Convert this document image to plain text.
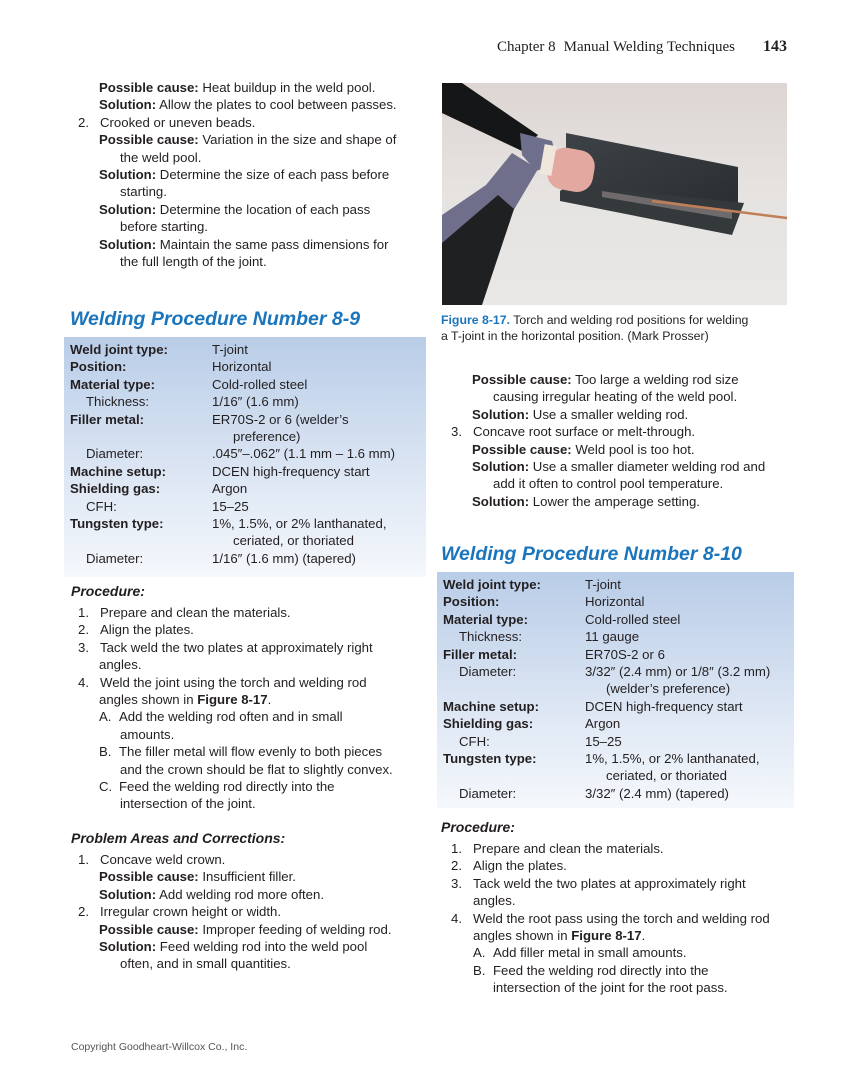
Chapter 8 Manual Welding Techniques 143
Possible cause: Heat buildup in the weld pool.
Solution: Allow the plates to cool between passes.
2. Crooked or uneven beads.
Possible cause: Variation in the size and shape of
the weld pool.
Solution: Determine the size of each pass before
starting.
Solution: Determine the location of each pass
before starting.
Solution: Maintain the same pass dimensions for
the full length of the joint.
Welding Procedure Number 8-9
Weld joint type:	T-joint
Position:	Horizontal
Material type:	Cold-rolled steel
Thickness:	1/16″ (1.6 mm)
Filler metal:	ER70S-2 or 6 (welder’s
preference)
Diameter:	.045″–.062″ (1.1 mm – 1.6 mm)
Machine setup:	DCEN high-frequency start
Shielding gas:	Argon
CFH:	15–25
Tungsten type:	1%, 1.5%, or 2% lanthanated,
ceriated, or thoriated
Diameter:	1/16″ (1.6 mm) (tapered)
Procedure:
1. Prepare and clean the materials.
2. Align the plates.
3. Tack weld the two plates at approximately right
angles.
4. Weld the joint using the torch and welding rod
angles shown in Figure 8-17.
A. Add the welding rod often and in small
amounts.
B. The filler metal will flow evenly to both pieces
and the crown should be flat to slightly convex.
C. Feed the welding rod directly into the
intersection of the joint.
Problem Areas and Corrections:
1. Concave weld crown.
Possible cause: Insufficient filler.
Solution: Add welding rod more often.
2. Irregular crown height or width.
Possible cause: Improper feeding of welding rod.
Solution: Feed welding rod into the weld pool
often, and in small quantities.
Figure 8-17. Torch and welding rod positions for welding
a T-joint in the horizontal position. (Mark Prosser)
Possible cause: Too large a welding rod size
causing irregular heating of the weld pool.
Solution: Use a smaller welding rod.
3. Concave root surface or melt-through.
Possible cause: Weld pool is too hot.
Solution: Use a smaller diameter welding rod and
add it often to control pool temperature.
Solution: Lower the amperage setting.
Welding Procedure Number 8-10
Weld joint type:	T-joint
Position:	Horizontal
Material type:	Cold-rolled steel
Thickness:	11 gauge
Filler metal:	ER70S-2 or 6
Diameter:	3/32″ (2.4 mm) or 1/8″ (3.2 mm)
(welder’s preference)
Machine setup:	DCEN high-frequency start
Shielding gas:	Argon
CFH:	15–25
Tungsten type:	1%, 1.5%, or 2% lanthanated,
ceriated, or thoriated
Diameter:	3/32″ (2.4 mm) (tapered)
Procedure:
1. Prepare and clean the materials.
2. Align the plates.
3. Tack weld the two plates at approximately right
angles.
4. Weld the root pass using the torch and welding rod
angles shown in Figure 8-17.
A. Add filler metal in small amounts.
B. Feed the welding rod directly into the
intersection of the joint for the root pass.
Copyright Goodheart-Willcox Co., Inc.
